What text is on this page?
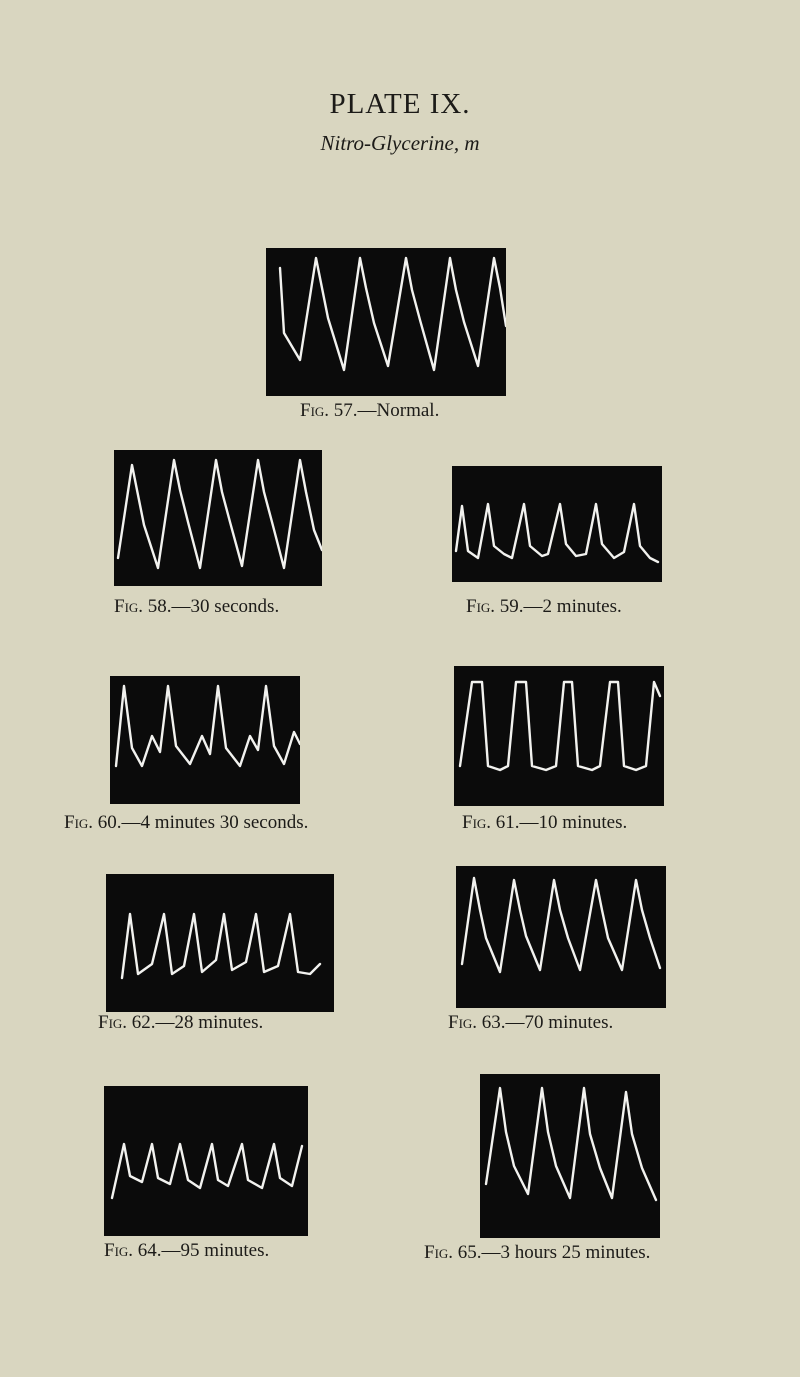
PLATE IX.
Nitro-Glycerine, m
Fig. 57.—Normal.
Fig. 58.—30 seconds.	Fig. 59.—2 minutes.
Fig. 60.—4 minutes 30 seconds.	Fig. 61.—10 minutes.
Fig. 62.—28 minutes.	Fig. 63.—70 minutes.
Fig. 64.—95 minutes.	Fig. 65.—3 hours 25 minutes.
